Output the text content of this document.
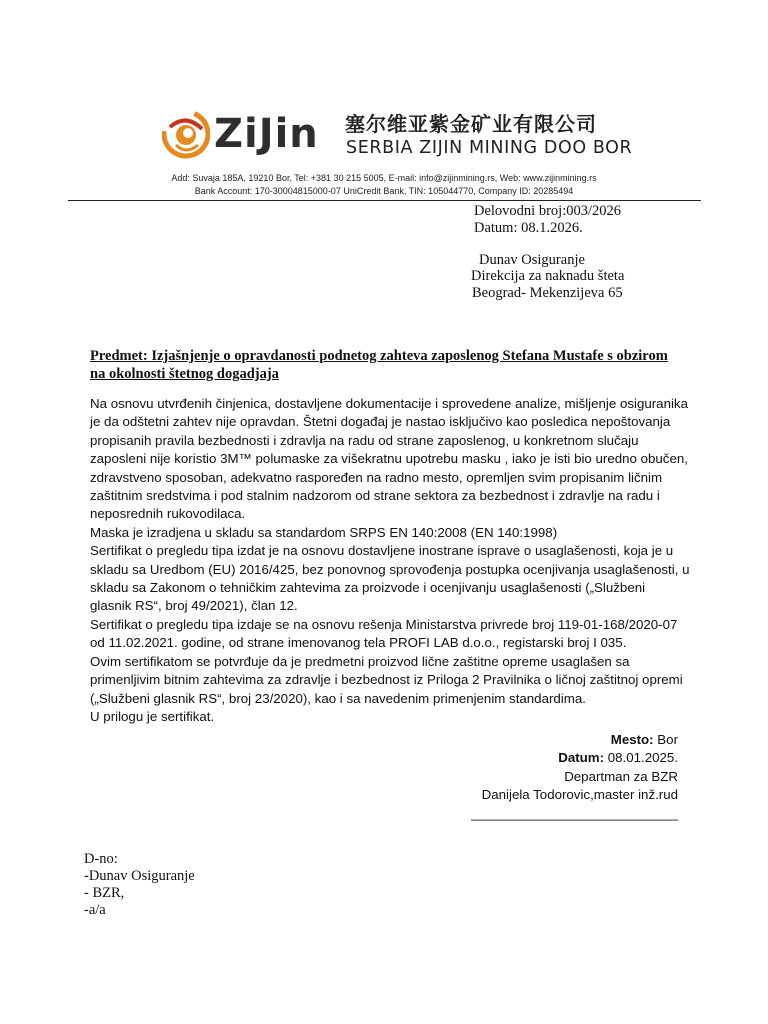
ZiJin 塞尔维亚紫金矿业有限公司
SERBIA ZIJIN MINING DOO BOR
Add: Suvaja 185A, 19210 Bor, Tel: +381 30 215 5005, E-mail: info@zijinmining.rs, Web: www.zijinmining.rs
Bank Account: 170-30004815000-07 UniCredit Bank, TIN: 105044770, Company ID: 20285494
Delovodni broj:003/2026
Datum: 08.1.2026.
Dunav Osiguranje
Direkcija za naknadu šteta
Beograd- Mekenzijeva 65
Predmet: Izjašnjenje o opravdanosti podnetog zahteva zaposlenog Stefana Mustafe s obzirom na okolnosti štetnog dogadjaja

Na osnovu utvrđenih činjenica, dostavljene dokumentacije i sprovedene analize, mišljenje osiguranika je da odštetni zahtev nije opravdan. Štetni događaj je nastao isključivo kao posledica nepoštovanja propisanih pravila bezbednosti i zdravlja na radu od strane zaposlenog, u konkretnom slučaju zaposleni nije koristio 3M™ polumaske za višekratnu upotrebu masku , iako je isti bio uredno obučen, zdravstveno sposoban, adekvatno raspoređen na radno mesto, opremljen svim propisanim ličnim zaštitnim sredstvima i pod stalnim nadzorom od strane sektora za bezbednost i zdravlje na radu i neposrednih rukovodilaca.

Maska je izradjena u skladu sa standardom SRPS EN 140:2008 (EN 140:1998)

Sertifikat o pregledu tipa izdat je na osnovu dostavljene inostrane isprave o usaglašenosti, koja je u skladu sa Uredbom (EU) 2016/425, bez ponovnog sprovođenja postupka ocenjivanja usaglašenosti, u skladu sa Zakonom o tehničkim zahtevima za proizvode i ocenjivanju usaglašenosti („Službeni glasnik RS“, broj 49/2021), član 12.

Sertifikat o pregledu tipa izdaje se na osnovu rešenja Ministarstva privrede broj 119-01-168/2020-07 od 11.02.2021. godine, od strane imenovanog tela PROFI LAB d.o.o., registarski broj I 035.

Ovim sertifikatom se potvrđuje da je predmetni proizvod lične zaštitne opreme usaglašen sa primenljivim bitnim zahtevima za zdravlje i bezbednost iz Priloga 2 Pravilnika o ličnoj zaštitnoj opremi („Službeni glasnik RS“, broj 23/2020), kao i sa navedenim primenjenim standardima.

U prilogu je sertifikat.

Mesto: Bor
Datum: 08.01.2025.
Departman za BZR
Danijela Todorovic,master inž.rud
____________________________
D-no:
-Dunav Osiguranje
- BZR,
-a/a
